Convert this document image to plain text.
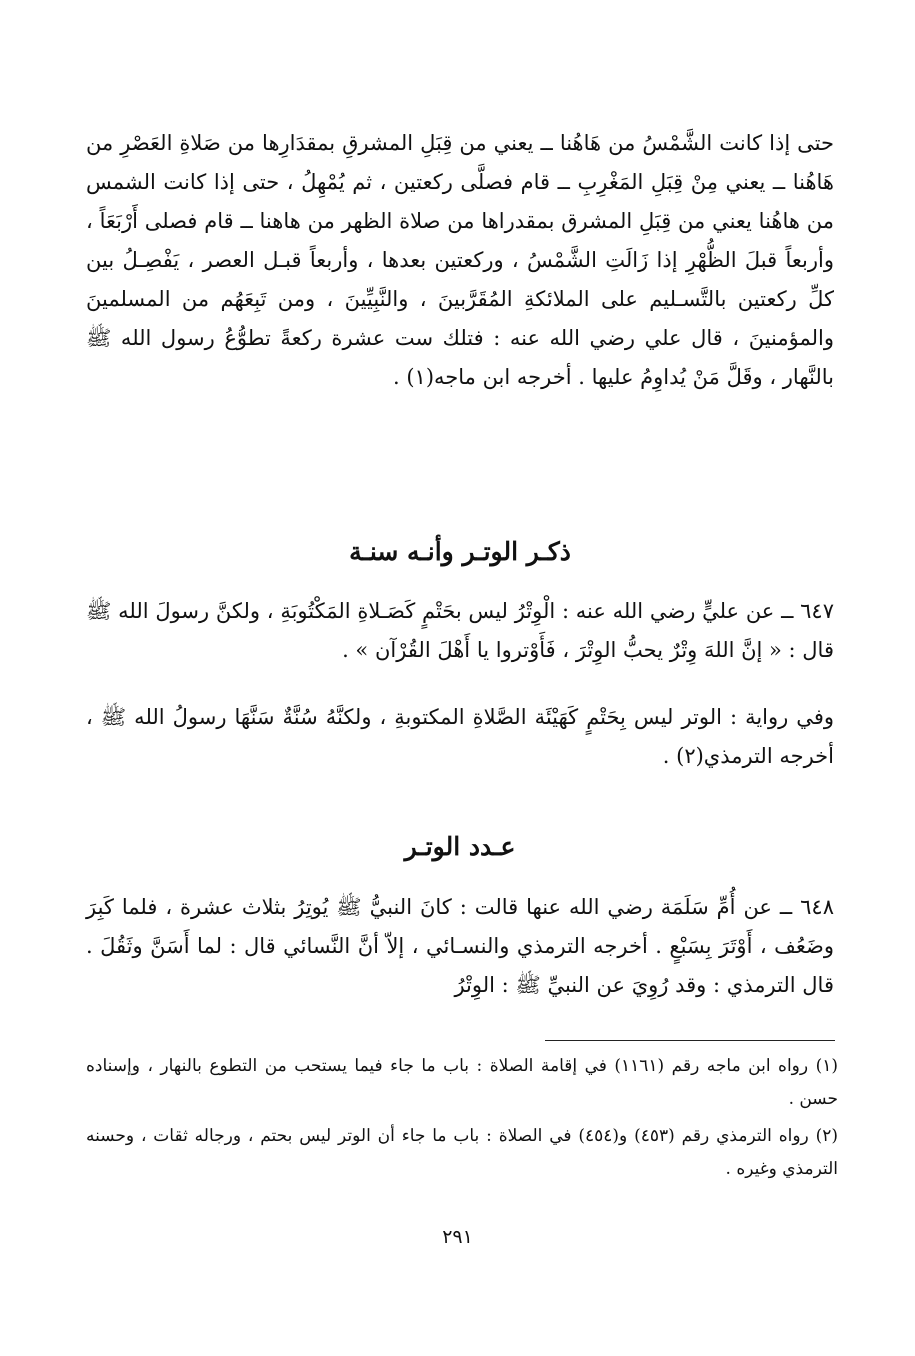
حتى إذا كانت الشَّمْسُ من هَاهُنا ــ يعني من قِبَلِ المشرقِ بمقدَارِها من صَلاةِ العَصْرِ من هَاهُنا ــ يعني مِنْ قِبَلِ المَغْرِبِ ــ قام فصلَّى ركعتين ، ثم يُمْهِلُ ، حتى إذا كانت الشمس من هاهُنا يعني من قِبَلِ المشرق بمقدراها من صلاة الظهر من هاهنا ــ قام فصلى أَرْبَعَاً ، وأربعاً قبلَ الظُّهْرِ إذا زَالَتِ الشَّمْسُ ، وركعتين بعدها ، وأربعاً قبـل العصر ، يَفْصِـلُ بين كلِّ ركعتين بالتَّسـليم على الملائكةِ المُقَرَّبينَ ، والنَّبِيِّينَ ، ومن تَبِعَهُم من المسلمينَ والمؤمنينَ ، قال علي رضي الله عنه : فتلك ست عشرة ركعةً تطوُّعُ رسول الله ﷺ بالنَّهار ، وقَلَّ مَنْ يُداوِمُ عليها . أخرجه ابن ماجه(١) .

ذكـر الوتـر وأنـه سنـة

٦٤٧ ــ عن عليٍّ رضي الله عنه : الْوِتْرُ ليس بحَتْمٍ كَصَـلاةِ المَكْتُوبَةِ ، ولكنَّ رسولَ الله ﷺ قال : « إنَّ اللهَ وِتْرٌ يحبُّ الوِتْرَ ، فَأَوْتروا يا أَهْلَ القُرْآن » .

وفي رواية : الوتر ليس بِحَتْمٍ كَهَيْئَة الصَّلاةِ المكتوبةِ ، ولكنَّهُ سُنَّةٌ سَنَّهَا رسولُ الله ﷺ ، أخرجه الترمذي(٢) .

عـدد الوتـر

٦٤٨ ــ عن أُمِّ سَلَمَة رضي الله عنها قالت : كانَ النبيُّ ﷺ يُوتِرُ بثلاث عشرة ، فلما كَبِرَ وضَعُف ، أَوْتَرَ بِسَبْعٍ . أخرجه الترمذي والنسـائي ، إلاّ أنَّ النَّسائي قال : لما أَسَنَّ وثَقُلَ . قال الترمذي : وقد رُوِيَ عن النبيِّ ﷺ : الوِتْرُ

(١) رواه ابن ماجه رقم (١١٦١) في إقامة الصلاة : باب ما جاء فيما يستحب من التطوع بالنهار ، وإسناده حسن .

(٢) رواه الترمذي رقم (٤٥٣) و(٤٥٤) في الصلاة : باب ما جاء أن الوتر ليس بحتم ، ورجاله ثقات ، وحسنه الترمذي وغيره .

٢٩١
